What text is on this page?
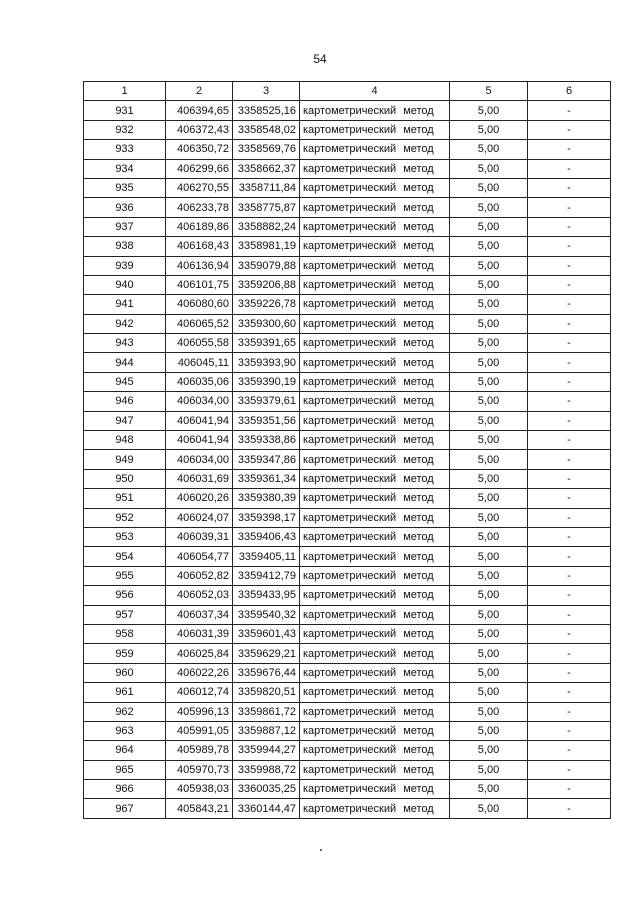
54
1	2	3	4	5	6
931	406394,65	3358525,16	картометрический метод	5,00	-
932	406372,43	3358548,02	картометрический метод	5,00	-
933	406350,72	3358569,76	картометрический метод	5,00	-
934	406299,66	3358662,37	картометрический метод	5,00	-
935	406270,55	3358711,84	картометрический метод	5,00	-
936	406233,78	3358775,87	картометрический метод	5,00	-
937	406189,86	3358882,24	картометрический метод	5,00	-
938	406168,43	3358981,19	картометрический метод	5,00	-
939	406136,94	3359079,88	картометрический метод	5,00	-
940	406101,75	3359206,88	картометрический метод	5,00	-
941	406080,60	3359226,78	картометрический метод	5,00	-
942	406065,52	3359300,60	картометрический метод	5,00	-
943	406055,58	3359391,65	картометрический метод	5,00	-
944	406045,11	3359393,90	картометрический метод	5,00	-
945	406035,06	3359390,19	картометрический метод	5,00	-
946	406034,00	3359379,61	картометрический метод	5,00	-
947	406041,94	3359351,56	картометрический метод	5,00	-
948	406041,94	3359338,86	картометрический метод	5,00	-
949	406034,00	3359347,86	картометрический метод	5,00	-
950	406031,69	3359361,34	картометрический метод	5,00	-
951	406020,26	3359380,39	картометрический метод	5,00	-
952	406024,07	3359398,17	картометрический метод	5,00	-
953	406039,31	3359406,43	картометрический метод	5,00	-
954	406054,77	3359405,11	картометрический метод	5,00	-
955	406052,82	3359412,79	картометрический метод	5,00	-
956	406052,03	3359433,95	картометрический метод	5,00	-
957	406037,34	3359540,32	картометрический метод	5,00	-
958	406031,39	3359601,43	картометрический метод	5,00	-
959	406025,84	3359629,21	картометрический метод	5,00	-
960	406022,26	3359676,44	картометрический метод	5,00	-
961	406012,74	3359820,51	картометрический метод	5,00	-
962	405996,13	3359861,72	картометрический метод	5,00	-
963	405991,05	3359887,12	картометрический метод	5,00	-
964	405989,78	3359944,27	картометрический метод	5,00	-
965	405970,73	3359988,72	картометрический метод	5,00	-
966	405938,03	3360035,25	картометрический метод	5,00	-
967	405843,21	3360144,47	картометрический метод	5,00	-
